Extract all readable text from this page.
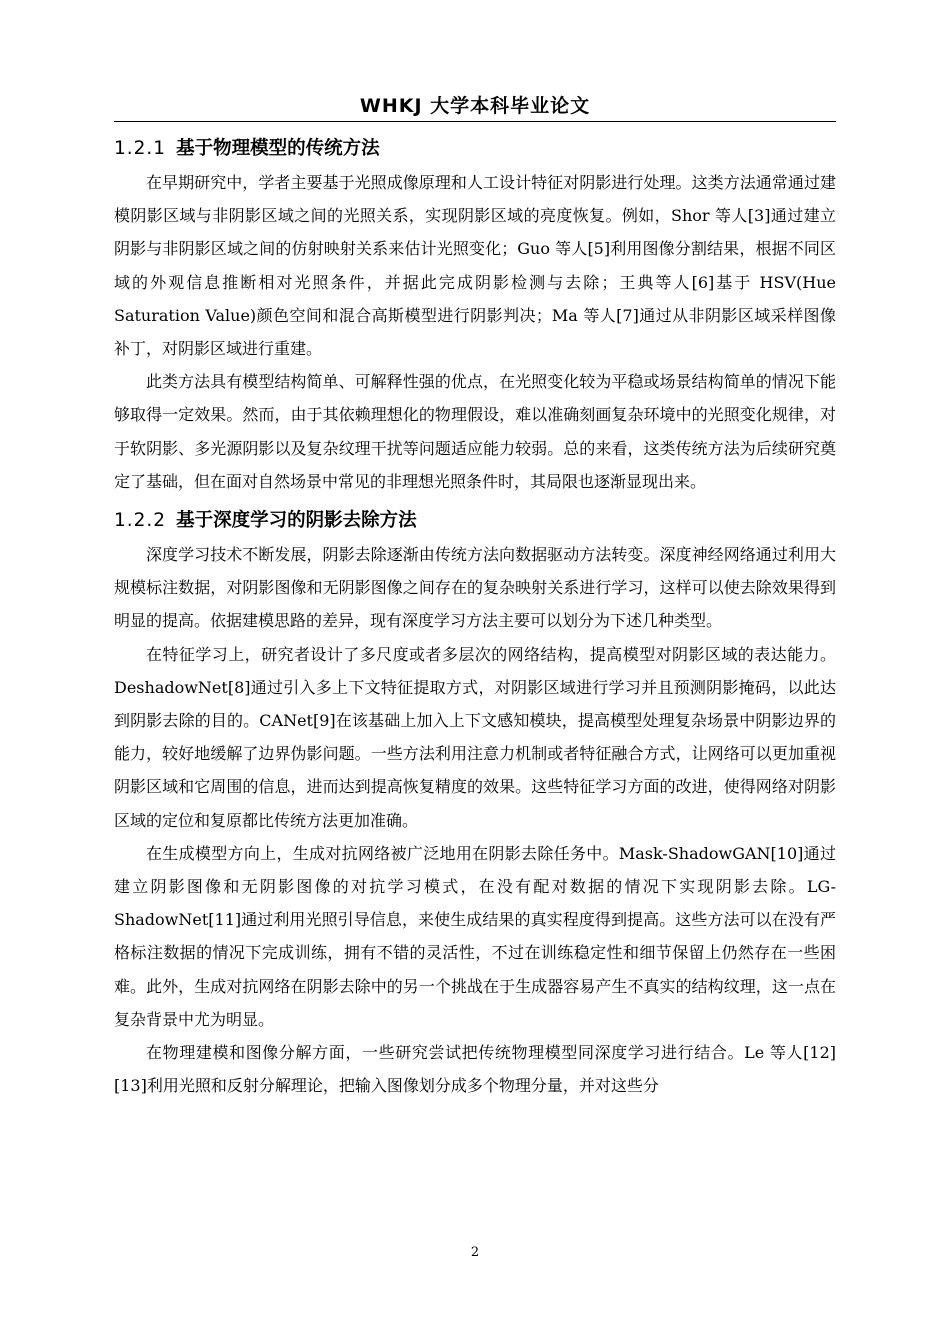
WHKJ 大学本科毕业论文
1.2.1 基于物理模型的传统方法

在早期研究中，学者主要基于光照成像原理和人工设计特征对阴影进行处理。这类方法通常通过建模阴影区域与非阴影区域之间的光照关系，实现阴影区域的亮度恢复。例如，Shor 等人[3]通过建立阴影与非阴影区域之间的仿射映射关系来估计光照变化；Guo 等人[5]利用图像分割结果，根据不同区域的外观信息推断相对光照条件，并据此完成阴影检测与去除；王典等人[6]基于 HSV(Hue Saturation Value)颜色空间和混合高斯模型进行阴影判决；Ma 等人[7]通过从非阴影区域采样图像补丁，对阴影区域进行重建。

此类方法具有模型结构简单、可解释性强的优点，在光照变化较为平稳或场景结构简单的情况下能够取得一定效果。然而，由于其依赖理想化的物理假设，难以准确刻画复杂环境中的光照变化规律，对于软阴影、多光源阴影以及复杂纹理干扰等问题适应能力较弱。总的来看，这类传统方法为后续研究奠定了基础，但在面对自然场景中常见的非理想光照条件时，其局限也逐渐显现出来。

1.2.2 基于深度学习的阴影去除方法

深度学习技术不断发展，阴影去除逐渐由传统方法向数据驱动方法转变。深度神经网络通过利用大规模标注数据，对阴影图像和无阴影图像之间存在的复杂映射关系进行学习，这样可以使去除效果得到明显的提高。依据建模思路的差异，现有深度学习方法主要可以划分为下述几种类型。

在特征学习上，研究者设计了多尺度或者多层次的网络结构，提高模型对阴影区域的表达能力。DeshadowNet[8]通过引入多上下文特征提取方式，对阴影区域进行学习并且预测阴影掩码，以此达到阴影去除的目的。CANet[9]在该基础上加入上下文感知模块，提高模型处理复杂场景中阴影边界的能力，较好地缓解了边界伪影问题。一些方法利用注意力机制或者特征融合方式，让网络可以更加重视阴影区域和它周围的信息，进而达到提高恢复精度的效果。这些特征学习方面的改进，使得网络对阴影区域的定位和复原都比传统方法更加准确。

在生成模型方向上，生成对抗网络被广泛地用在阴影去除任务中。Mask-ShadowGAN[10]通过建立阴影图像和无阴影图像的对抗学习模式，在没有配对数据的情况下实现阴影去除。LG-ShadowNet[11]通过利用光照引导信息，来使生成结果的真实程度得到提高。这些方法可以在没有严格标注数据的情况下完成训练，拥有不错的灵活性，不过在训练稳定性和细节保留上仍然存在一些困难。此外，生成对抗网络在阴影去除中的另一个挑战在于生成器容易产生不真实的结构纹理，这一点在复杂背景中尤为明显。

在物理建模和图像分解方面，一些研究尝试把传统物理模型同深度学习进行结合。Le 等人[12][13]利用光照和反射分解理论，把输入图像划分成多个物理分量，并对这些分

2
